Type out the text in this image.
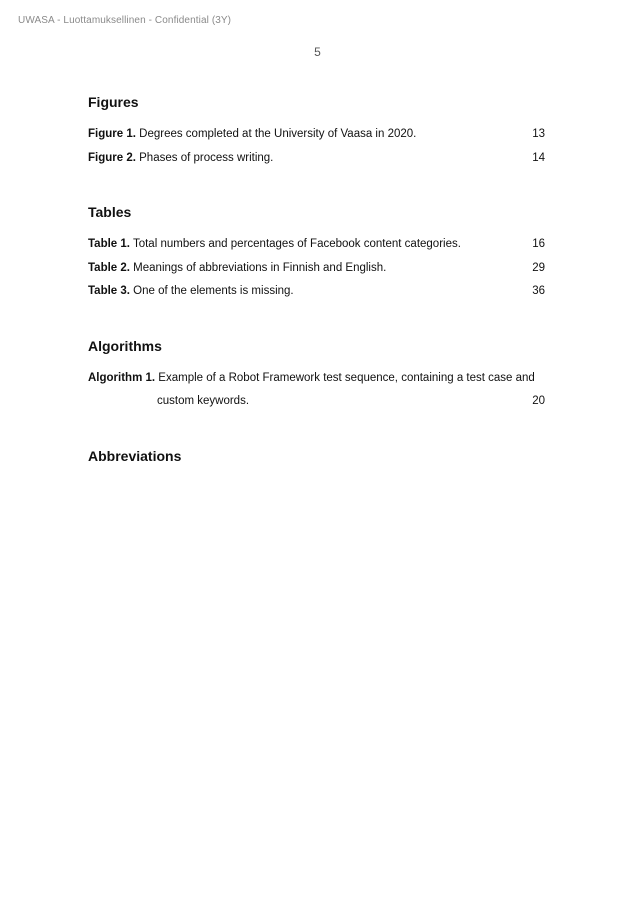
UWASA - Luottamuksellinen - Confidential (3Y)
5
Figures
Figure 1. Degrees completed at the University of Vaasa in 2020.	13
Figure 2. Phases of process writing.	14
Tables
Table 1. Total numbers and percentages of Facebook content categories.	16
Table 2. Meanings of abbreviations in Finnish and English.	29
Table 3. One of the elements is missing.	36
Algorithms
Algorithm 1. Example of a Robot Framework test sequence, containing a test case and
custom keywords.	20
Abbreviations
